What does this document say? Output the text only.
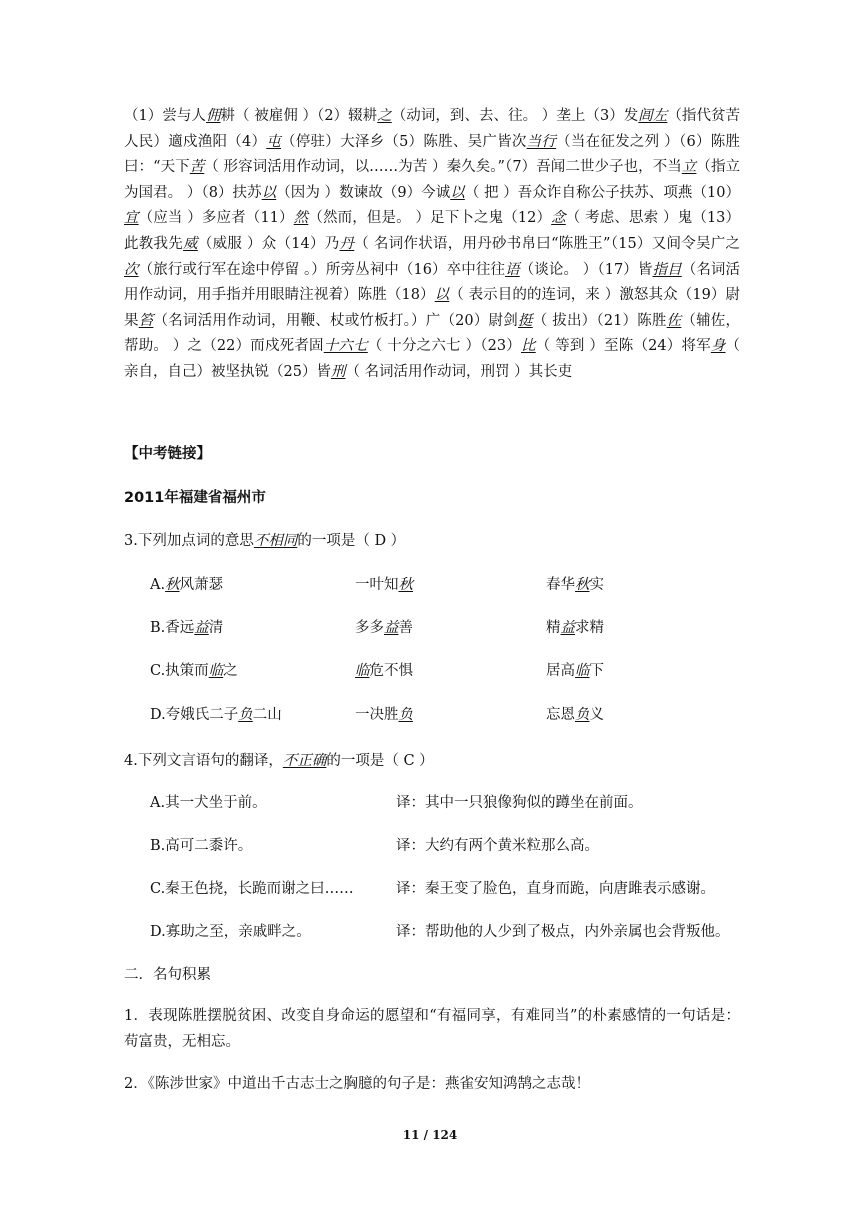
（1）尝与人佣耕（ 被雇佣 ）（2）辍耕之（动词，到、去、往。 ）垄上（3）发闾左（指代贫苦人民）適戍渔阳（4）屯（停驻）大泽乡（5）陈胜、吴广皆次当行（当在征发之列 ）（6）陈胜曰：“天下苦（ 形容词活用作动词，以……为苦 ）秦久矣。”（7）吾闻二世少子也，不当立（指立为国君。 ）（8）扶苏以（因为 ）数谏故（9）今诚以（ 把 ）吾众诈自称公子扶苏、项燕（10）宜（应当 ）多应者（11）然（然而，但是。 ）足下卜之鬼（12）念（ 考虑、思索 ）鬼（13）此教我先威（威服 ）众（14）乃丹（ 名词作状语，用丹砂书帛曰“陈胜王”（15）又间令吴广之次（旅行或行军在途中停留 。）所旁丛祠中（16）卒中往往语（谈论。 ）（17）皆指目（名词活用作动词，用手指并用眼睛注视着）陈胜（18）以（ 表示目的的连词，来 ）激怒其众（19）尉果笞（名词活用作动词，用鞭、杖或竹板打。）广（20）尉剑挺（ 拔出）（21）陈胜佐（辅佐，帮助。 ）之（22）而戍死者固十六七（ 十分之六七 ）（23）比（ 等到 ）至陈（24）将军身（ 亲自，自己）被坚执锐（25）皆刑（ 名词活用作动词，刑罚 ）其长吏

【中考链接】

2011年福建省福州市

3.下列加点词的意思不相同的一项是（ D ）

A.秋风萧瑟	一叶知秋	春华秋实
B.香远益清	多多益善	精益求精
C.执策而临之	临危不惧	居高临下
D.夸娥氏二子负二山	一决胜负	忘恩负义

4.下列文言语句的翻译，不正确的一项是（ C ）

A.其一犬坐于前。	译：其中一只狼像狗似的蹲坐在前面。
B.高可二黍许。	译：大约有两个黄米粒那么高。
C.秦王色挠，长跪而谢之曰……	译：秦王变了脸色，直身而跪，向唐雎表示感谢。
D.寡助之至，亲戚畔之。	译：帮助他的人少到了极点，内外亲属也会背叛他。

二．名句积累

1．表现陈胜摆脱贫困、改变自身命运的愿望和“有福同享，有难同当”的朴素感情的一句话是：苟富贵，无相忘。

2．《陈涉世家》中道出千古志士之胸臆的句子是：燕雀安知鸿鹄之志哉！

11 / 124
